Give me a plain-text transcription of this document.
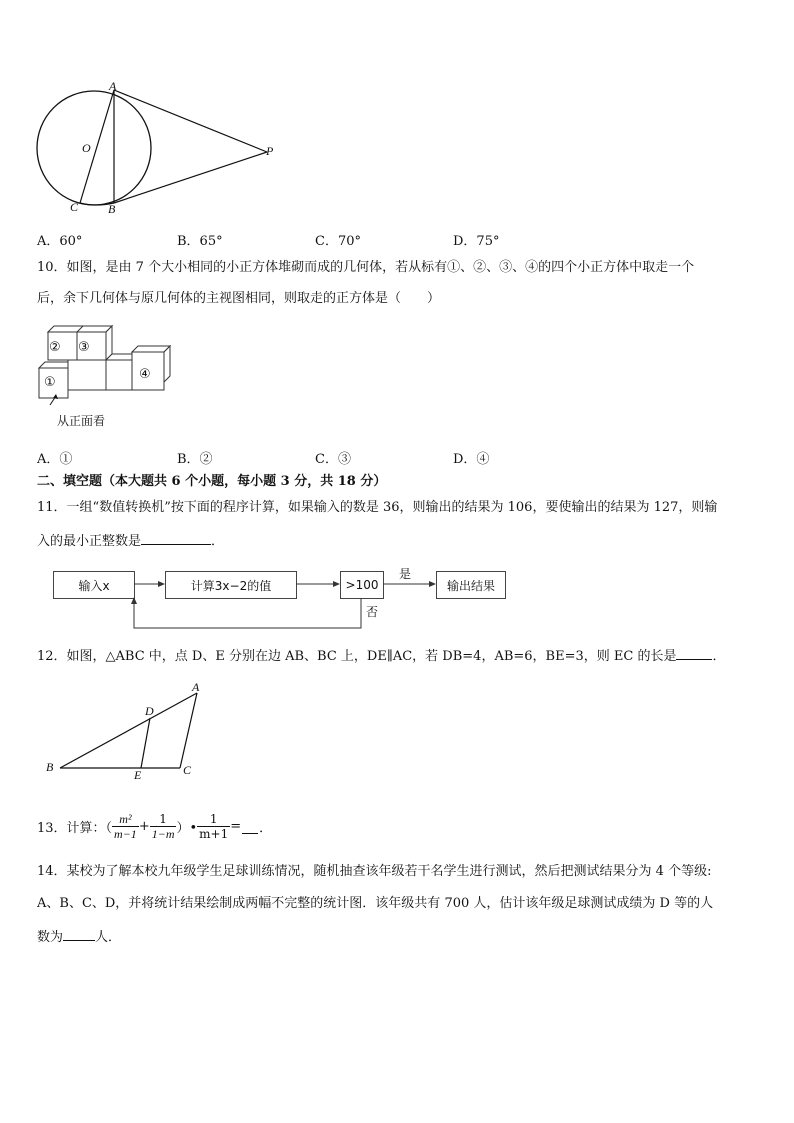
A
O	P
C B
A．60°	B．65°	C．70°	D．75°
10．如图，是由 7 个大小相同的小正方体堆砌而成的几何体，若从标有①、②、③、④的四个小正方体中取走一个
后，余下几何体与原几何体的主视图相同，则取走的正方体是（　　）
② ③
①
④
从正面看
A．①	B．②	C．③	D．④
二、填空题（本大题共 6 个小题，每小题 3 分，共 18 分）
11．一组“数值转换机”按下面的程序计算，如果输入的数是 36，则输出的结果为 106，要使输出的结果为 127，则输
入的最小正整数是	．
输入x	计算3x−2的值	>100	输出结果
是
否
12．如图，△ABC 中，点 D、E 分别在边 AB、BC 上，DE∥AC，若 DB=4，AB=6，BE=3，则 EC 的长是	．
A
B	C
D
E
13．计算：（ $\frac{\text{m²}}{m-1} + \frac{1}{1-m}$ ）• $\frac{1}{m+1}$ = ．
14．某校为了解本校九年级学生足球训练情况，随机抽查该年级若干名学生进行测试，然后把测试结果分为 4 个等级:
A、B、C、D，并将统计结果绘制成两幅不完整的统计图．该年级共有 700 人，估计该年级足球测试成绩为 D 等的人
数为 人．
